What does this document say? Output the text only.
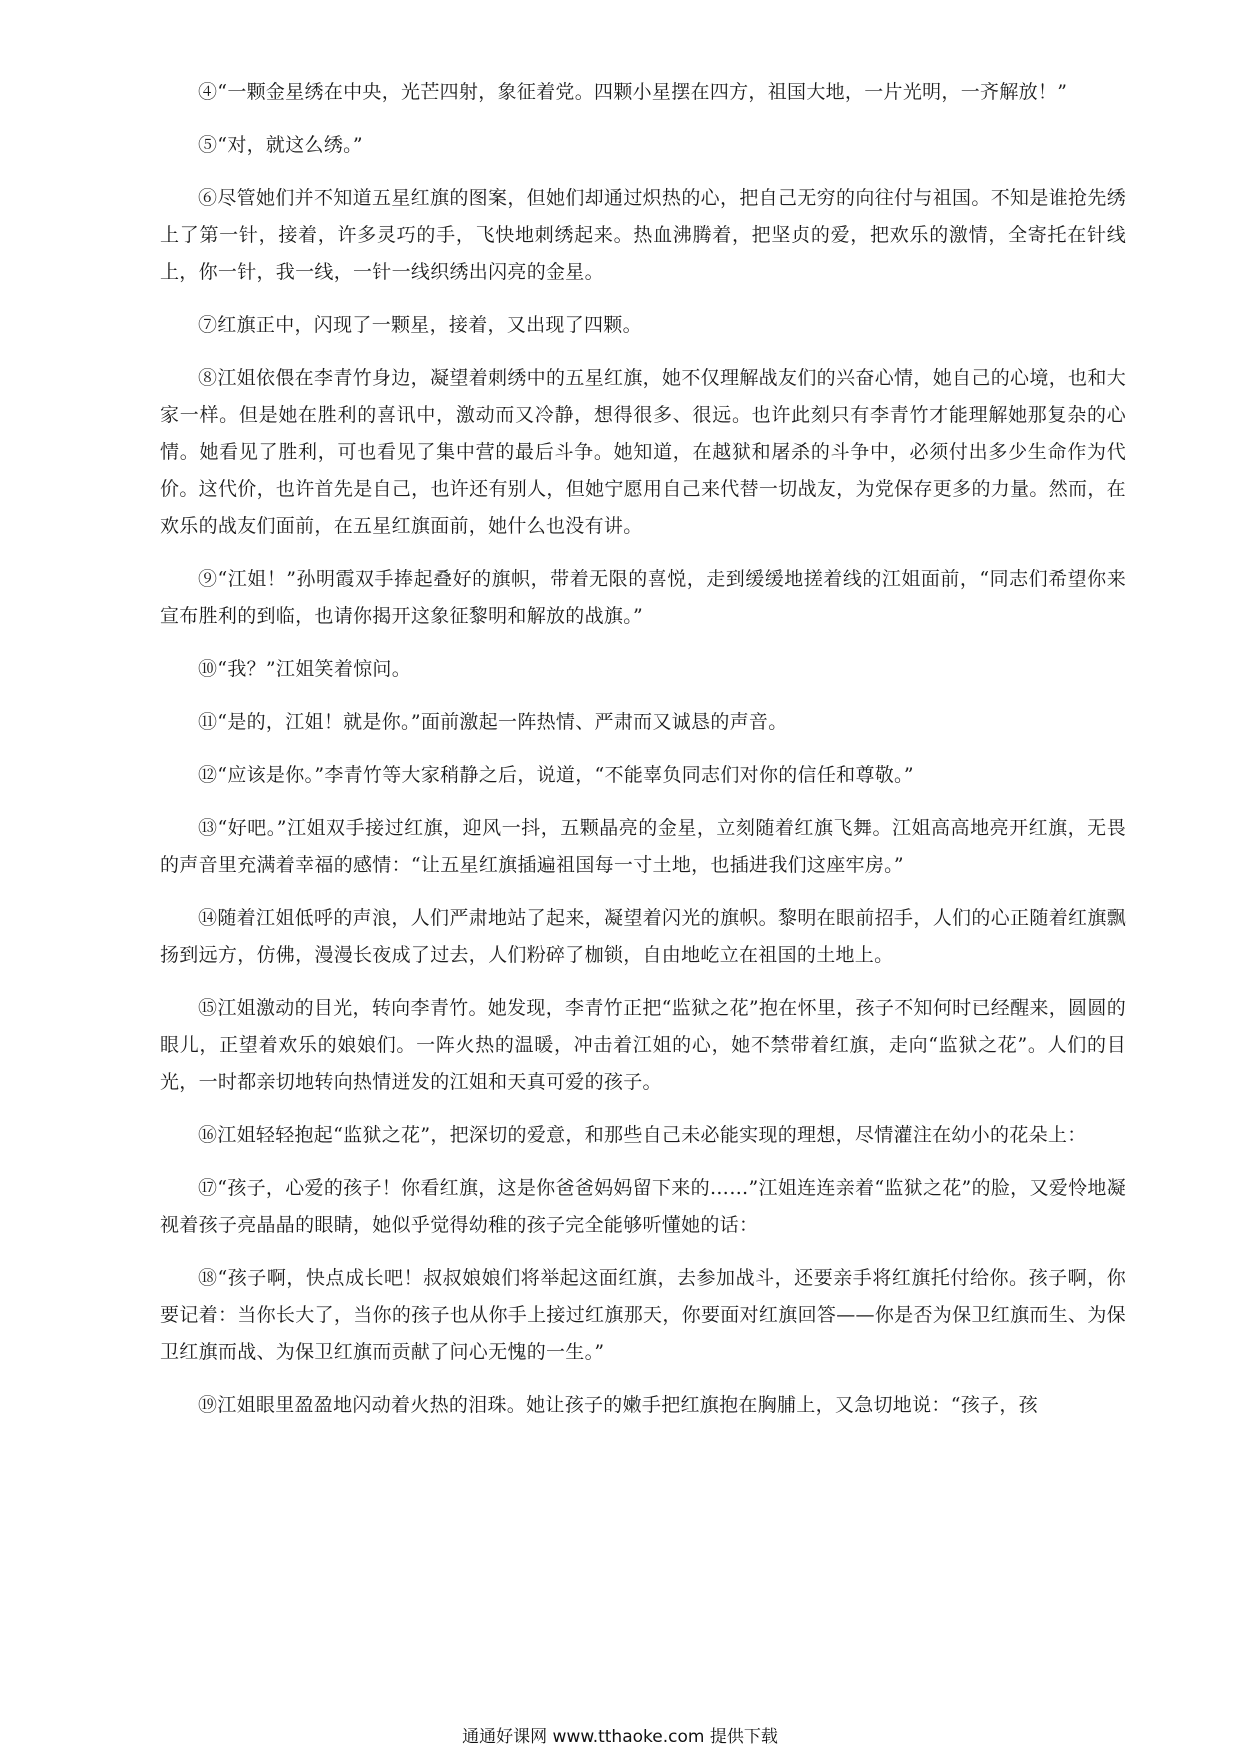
④“一颗金星绣在中央，光芒四射，象征着党。四颗小星摆在四方，祖国大地，一片光明，一齐解放！”

⑤“对，就这么绣。”

⑥尽管她们并不知道五星红旗的图案，但她们却通过炽热的心，把自己无穷的向往付与祖国。不知是谁抢先绣上了第一针，接着，许多灵巧的手，飞快地刺绣起来。热血沸腾着，把坚贞的爱，把欢乐的激情，全寄托在针线上，你一针，我一线，一针一线织绣出闪亮的金星。

⑦红旗正中，闪现了一颗星，接着，又出现了四颗。

⑧江姐依偎在李青竹身边，凝望着刺绣中的五星红旗，她不仅理解战友们的兴奋心情，她自己的心境，也和大家一样。但是她在胜利的喜讯中，激动而又冷静，想得很多、很远。也许此刻只有李青竹才能理解她那复杂的心情。她看见了胜利，可也看见了集中营的最后斗争。她知道，在越狱和屠杀的斗争中，必须付出多少生命作为代价。这代价，也许首先是自己，也许还有别人，但她宁愿用自己来代替一切战友，为党保存更多的力量。然而，在欢乐的战友们面前，在五星红旗面前，她什么也没有讲。

⑨“江姐！”孙明霞双手捧起叠好的旗帜，带着无限的喜悦，走到缓缓地搓着线的江姐面前，“同志们希望你来宣布胜利的到临，也请你揭开这象征黎明和解放的战旗。”

⑩“我？”江姐笑着惊问。

⑪“是的，江姐！就是你。”面前激起一阵热情、严肃而又诚恳的声音。

⑫“应该是你。”李青竹等大家稍静之后，说道，“不能辜负同志们对你的信任和尊敬。”

⑬“好吧。”江姐双手接过红旗，迎风一抖，五颗晶亮的金星，立刻随着红旗飞舞。江姐高高地亮开红旗，无畏的声音里充满着幸福的感情：“让五星红旗插遍祖国每一寸土地，也插进我们这座牢房。”

⑭随着江姐低呼的声浪，人们严肃地站了起来，凝望着闪光的旗帜。黎明在眼前招手，人们的心正随着红旗飘扬到远方，仿佛，漫漫长夜成了过去，人们粉碎了枷锁，自由地屹立在祖国的土地上。

⑮江姐激动的目光，转向李青竹。她发现，李青竹正把“监狱之花”抱在怀里，孩子不知何时已经醒来，圆圆的眼儿，正望着欢乐的娘娘们。一阵火热的温暖，冲击着江姐的心，她不禁带着红旗，走向“监狱之花”。人们的目光，一时都亲切地转向热情迸发的江姐和天真可爱的孩子。

⑯江姐轻轻抱起“监狱之花”，把深切的爱意，和那些自己未必能实现的理想，尽情灌注在幼小的花朵上：

⑰“孩子，心爱的孩子！你看红旗，这是你爸爸妈妈留下来的……”江姐连连亲着“监狱之花”的脸，又爱怜地凝视着孩子亮晶晶的眼睛，她似乎觉得幼稚的孩子完全能够听懂她的话：

⑱“孩子啊，快点成长吧！叔叔娘娘们将举起这面红旗，去参加战斗，还要亲手将红旗托付给你。孩子啊，你要记着：当你长大了，当你的孩子也从你手上接过红旗那天，你要面对红旗回答——你是否为保卫红旗而生、为保卫红旗而战、为保卫红旗而贡献了问心无愧的一生。”

⑲江姐眼里盈盈地闪动着火热的泪珠。她让孩子的嫩手把红旗抱在胸脯上，又急切地说：“孩子，孩

通通好课网 www.tthaoke.com 提供下载
